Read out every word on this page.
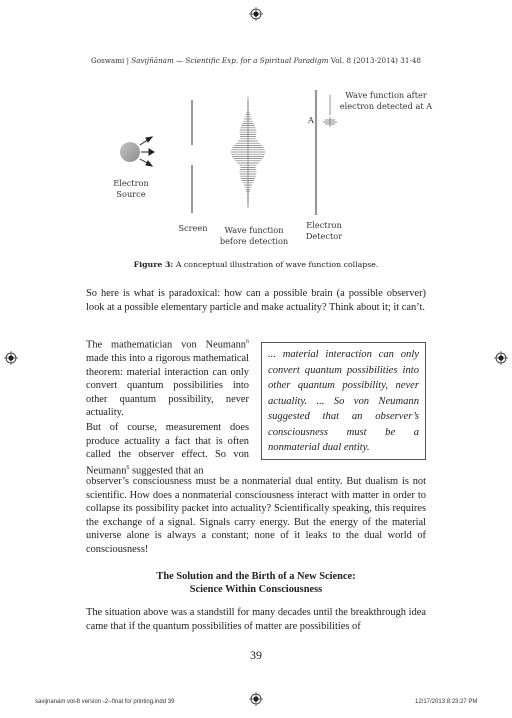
Goswami | Savijñānam — Scientific Exp. for a Spiritual Paradigm Vol. 8 (2013-2014) 31-48
Electron
Source
Screen	Wave function
before detection
Electron
Detector
Wave function after
electron detected at A
A
Figure 3: A conceptual illustration of wave function collapse.
So here is what is paradoxical: how can a possible brain (a possible observer) look at a possible elementary particle and make actuality? Think about it; it can’t.
The mathematician von Neumann$^6$ made this into a rigorous mathematical theorem: material interaction can only convert quantum possibilities into other quantum possibility, never actuality.
But of course, measurement does produce actuality a fact that is often called the observer effect. So von Neumann$^6$ suggested that an
... material interaction can only convert quantum possibilities into other quantum possibility, never actuality. ... So von Neumann suggested that an observer’s consciousness must be a nonmaterial dual entity.
observer’s consciousness must be a nonmaterial dual entity. But dualism is not scientific. How does a nonmaterial consciousness interact with matter in order to collapse its possibility packet into actuality? Scientifically speaking, this requires the exchange of a signal. Signals carry energy. But the energy of the material universe alone is always a constant; none of it leaks to the dual world of consciousness!
The Solution and the Birth of a New Science:
Science Within Consciousness
The situation above was a standstill for many decades until the breakthrough idea came that if the quantum possibilities of matter are possibilities of
39
savijnanam vol-8 version -2--final for printing.indd 39	12/17/2013 8:23:27 PM
